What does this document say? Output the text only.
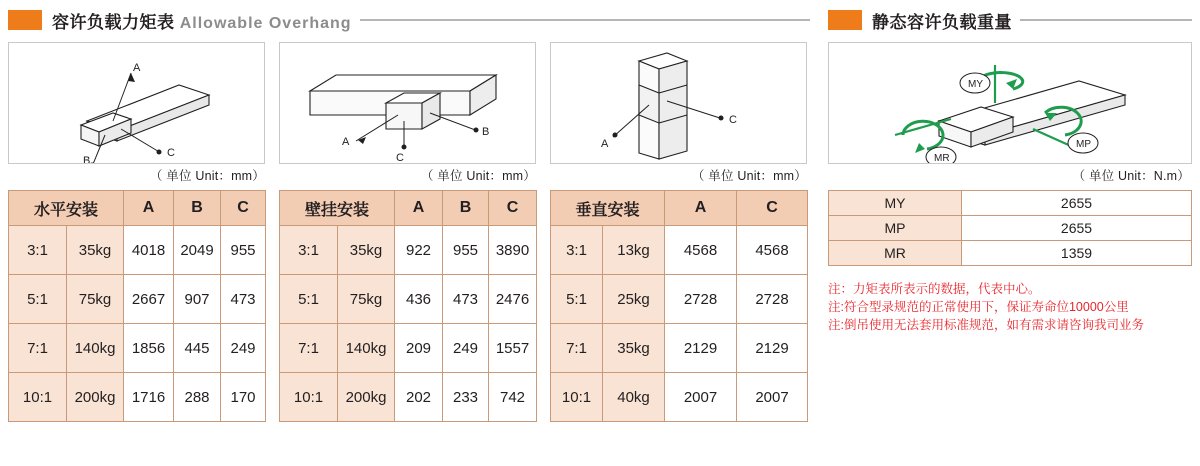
容许负载力矩表 Allowable Overhang
A
B
C
（ 单位 Unit：mm）
水平安装		A	B	C
3:1	35kg	4018	2049	955
5:1	75kg	2667	907	473
7:1	140kg	1856	445	249
10:1	200kg	1716	288	170
A
C
B
（ 单位 Unit：mm）
壁挂安装		A	B	C
3:1	35kg	922	955	3890
5:1	75kg	436	473	2476
7:1	140kg	209	249	1557
10:1	200kg	202	233	742
A
C
（ 单位 Unit：mm）
垂直安装		A	C
3:1	13kg	4568	4568
5:1	25kg	2728	2728
7:1	35kg	2129	2129
10:1	40kg	2007	2007
静态容许负载重量
MY
MP
MR
（ 单位 Unit：N.m）
MY	2655
MP	2655
MR	1359
注：力矩表所表示的数据，代表中心。
注:符合型录规范的正常使用下，保证寿命位10000公里
注:倒吊使用无法套用标准规范，如有需求请咨询我司业务
